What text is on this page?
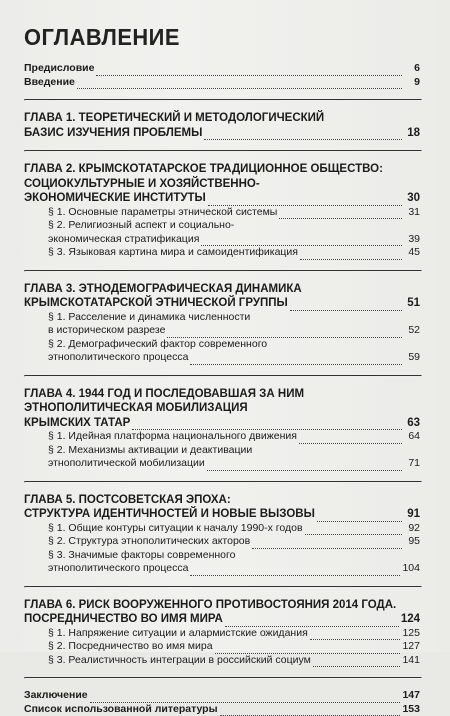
ОГЛАВЛЕНИЕ
Предисловие	6
Введение	9
ГЛАВА 1. ТЕОРЕТИЧЕСКИЙ И МЕТОДОЛОГИЧЕСКИЙ
БАЗИС ИЗУЧЕНИЯ ПРОБЛЕМЫ	18
ГЛАВА 2. КРЫМСКОТАТАРСКОЕ ТРАДИЦИОННОЕ ОБЩЕСТВО:
СОЦИОКУЛЬТУРНЫЕ И ХОЗЯЙСТВЕННО-
ЭКОНОМИЧЕСКИЕ ИНСТИТУТЫ	30
§ 1. Основные параметры этнической системы	31
§ 2. Религиозный аспект и социально-
экономическая стратификация	39
§ 3. Языковая картина мира и самоидентификация	45
ГЛАВА 3. ЭТНОДЕМОГРАФИЧЕСКАЯ ДИНАМИКА
КРЫМСКОТАТАРСКОЙ ЭТНИЧЕСКОЙ ГРУППЫ	51
§ 1. Расселение и динамика численности
в историческом разрезе	52
§ 2. Демографический фактор современного
этнополитического процесса	59
ГЛАВА 4. 1944 ГОД И ПОСЛЕДОВАВШАЯ ЗА НИМ
ЭТНОПОЛИТИЧЕСКАЯ МОБИЛИЗАЦИЯ
КРЫМСКИХ ТАТАР	63
§ 1. Идейная платформа национального движения	64
§ 2. Механизмы активации и деактивации
этнополитической мобилизации	71
ГЛАВА 5. ПОСТСОВЕТСКАЯ ЭПОХА:
СТРУКТУРА ИДЕНТИЧНОСТЕЙ И НОВЫЕ ВЫЗОВЫ	91
§ 1. Общие контуры ситуации к началу 1990-х годов	92
§ 2. Структура этнополитических акторов	95
§ 3. Значимые факторы современного
этнополитического процесса	104
ГЛАВА 6. РИСК ВООРУЖЕННОГО ПРОТИВОСТОЯНИЯ 2014 ГОДА.
ПОСРЕДНИЧЕСТВО ВО ИМЯ МИРА	124
§ 1. Напряжение ситуации и алармистские ожидания	125
§ 2. Посредничество во имя мира	127
§ 3. Реалистичность интеграции в российский социум	141
Заключение	147
Список использованной литературы	153
